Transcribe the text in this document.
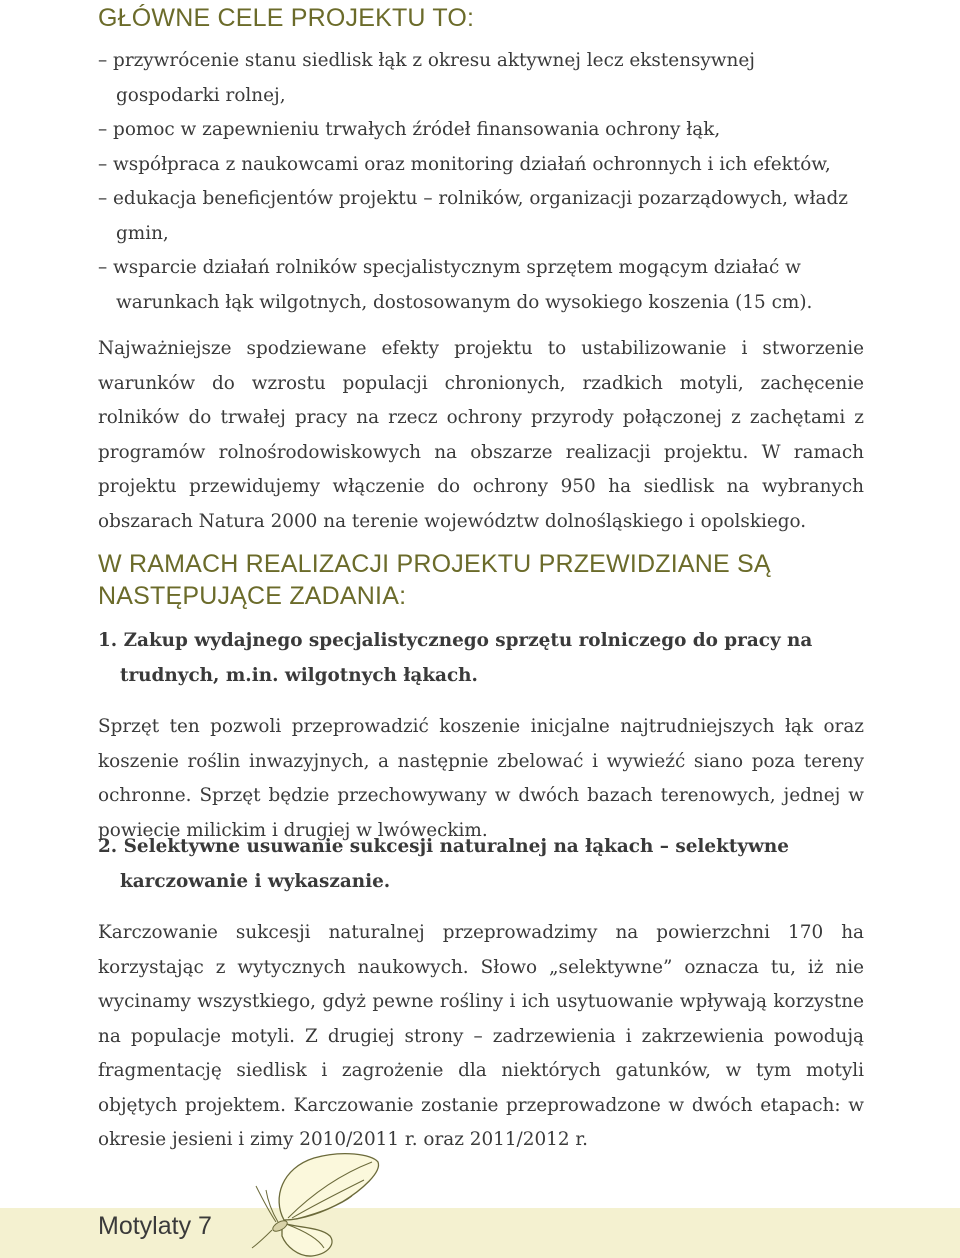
GŁÓWNE CELE PROJEKTU TO:
– przywrócenie stanu siedlisk łąk z okresu aktywnej lecz ekstensywnej gospodarki rolnej,
– pomoc w zapewnieniu trwałych źródeł finansowania ochrony łąk,
– współpraca z naukowcami oraz monitoring działań ochronnych i ich efektów,
– edukacja beneficjentów projektu – rolników, organizacji pozarządowych, władz gmin,
– wsparcie działań rolników specjalistycznym sprzętem mogącym działać w warunkach łąk wilgotnych, dostosowanym do wysokiego koszenia (15 cm).

Najważniejsze spodziewane efekty projektu to ustabilizowanie i stworzenie warunków do wzrostu populacji chronionych, rzadkich motyli, zachęcenie rolników do trwałej pracy na rzecz ochrony przyrody połączonej z zachętami z programów rolnośrodowiskowych na obszarze realizacji projektu. W ramach projektu przewidujemy włączenie do ochrony 950 ha siedlisk na wybranych obszarach Natura 2000 na terenie województw dolnośląskiego i opolskiego.

W RAMACH REALIZACJI PROJEKTU PRZEWIDZIANE SĄ NASTĘPUJĄCE ZADANIA:
1. Zakup wydajnego specjalistycznego sprzętu rolniczego do pracy na trudnych, m.in. wilgotnych łąkach.

Sprzęt ten pozwoli przeprowadzić koszenie inicjalne najtrudniejszych łąk oraz koszenie roślin inwazyjnych, a następnie zbelować i wywieźć siano poza tereny ochronne. Sprzęt będzie przechowywany w dwóch bazach terenowych, jednej w powiecie milickim i drugiej w lwóweckim.

2. Selektywne usuwanie sukcesji naturalnej na łąkach – selektywne karczowanie i wykaszanie.

Karczowanie sukcesji naturalnej przeprowadzimy na powierzchni 170 ha korzystając z wytycznych naukowych. Słowo „selektywne” oznacza tu, iż nie wycinamy wszystkiego, gdyż pewne rośliny i ich usytuowanie wpływają korzystne na populacje motyli. Z drugiej strony – zadrzewienia i zakrzewienia powodują fragmentację siedlisk i zagrożenie dla niektórych gatunków, w tym motyli objętych projektem. Karczowanie zostanie przeprowadzone w dwóch etapach: w okresie jesieni i zimy 2010/2011 r. oraz 2011/2012 r.

Motylaty 7
